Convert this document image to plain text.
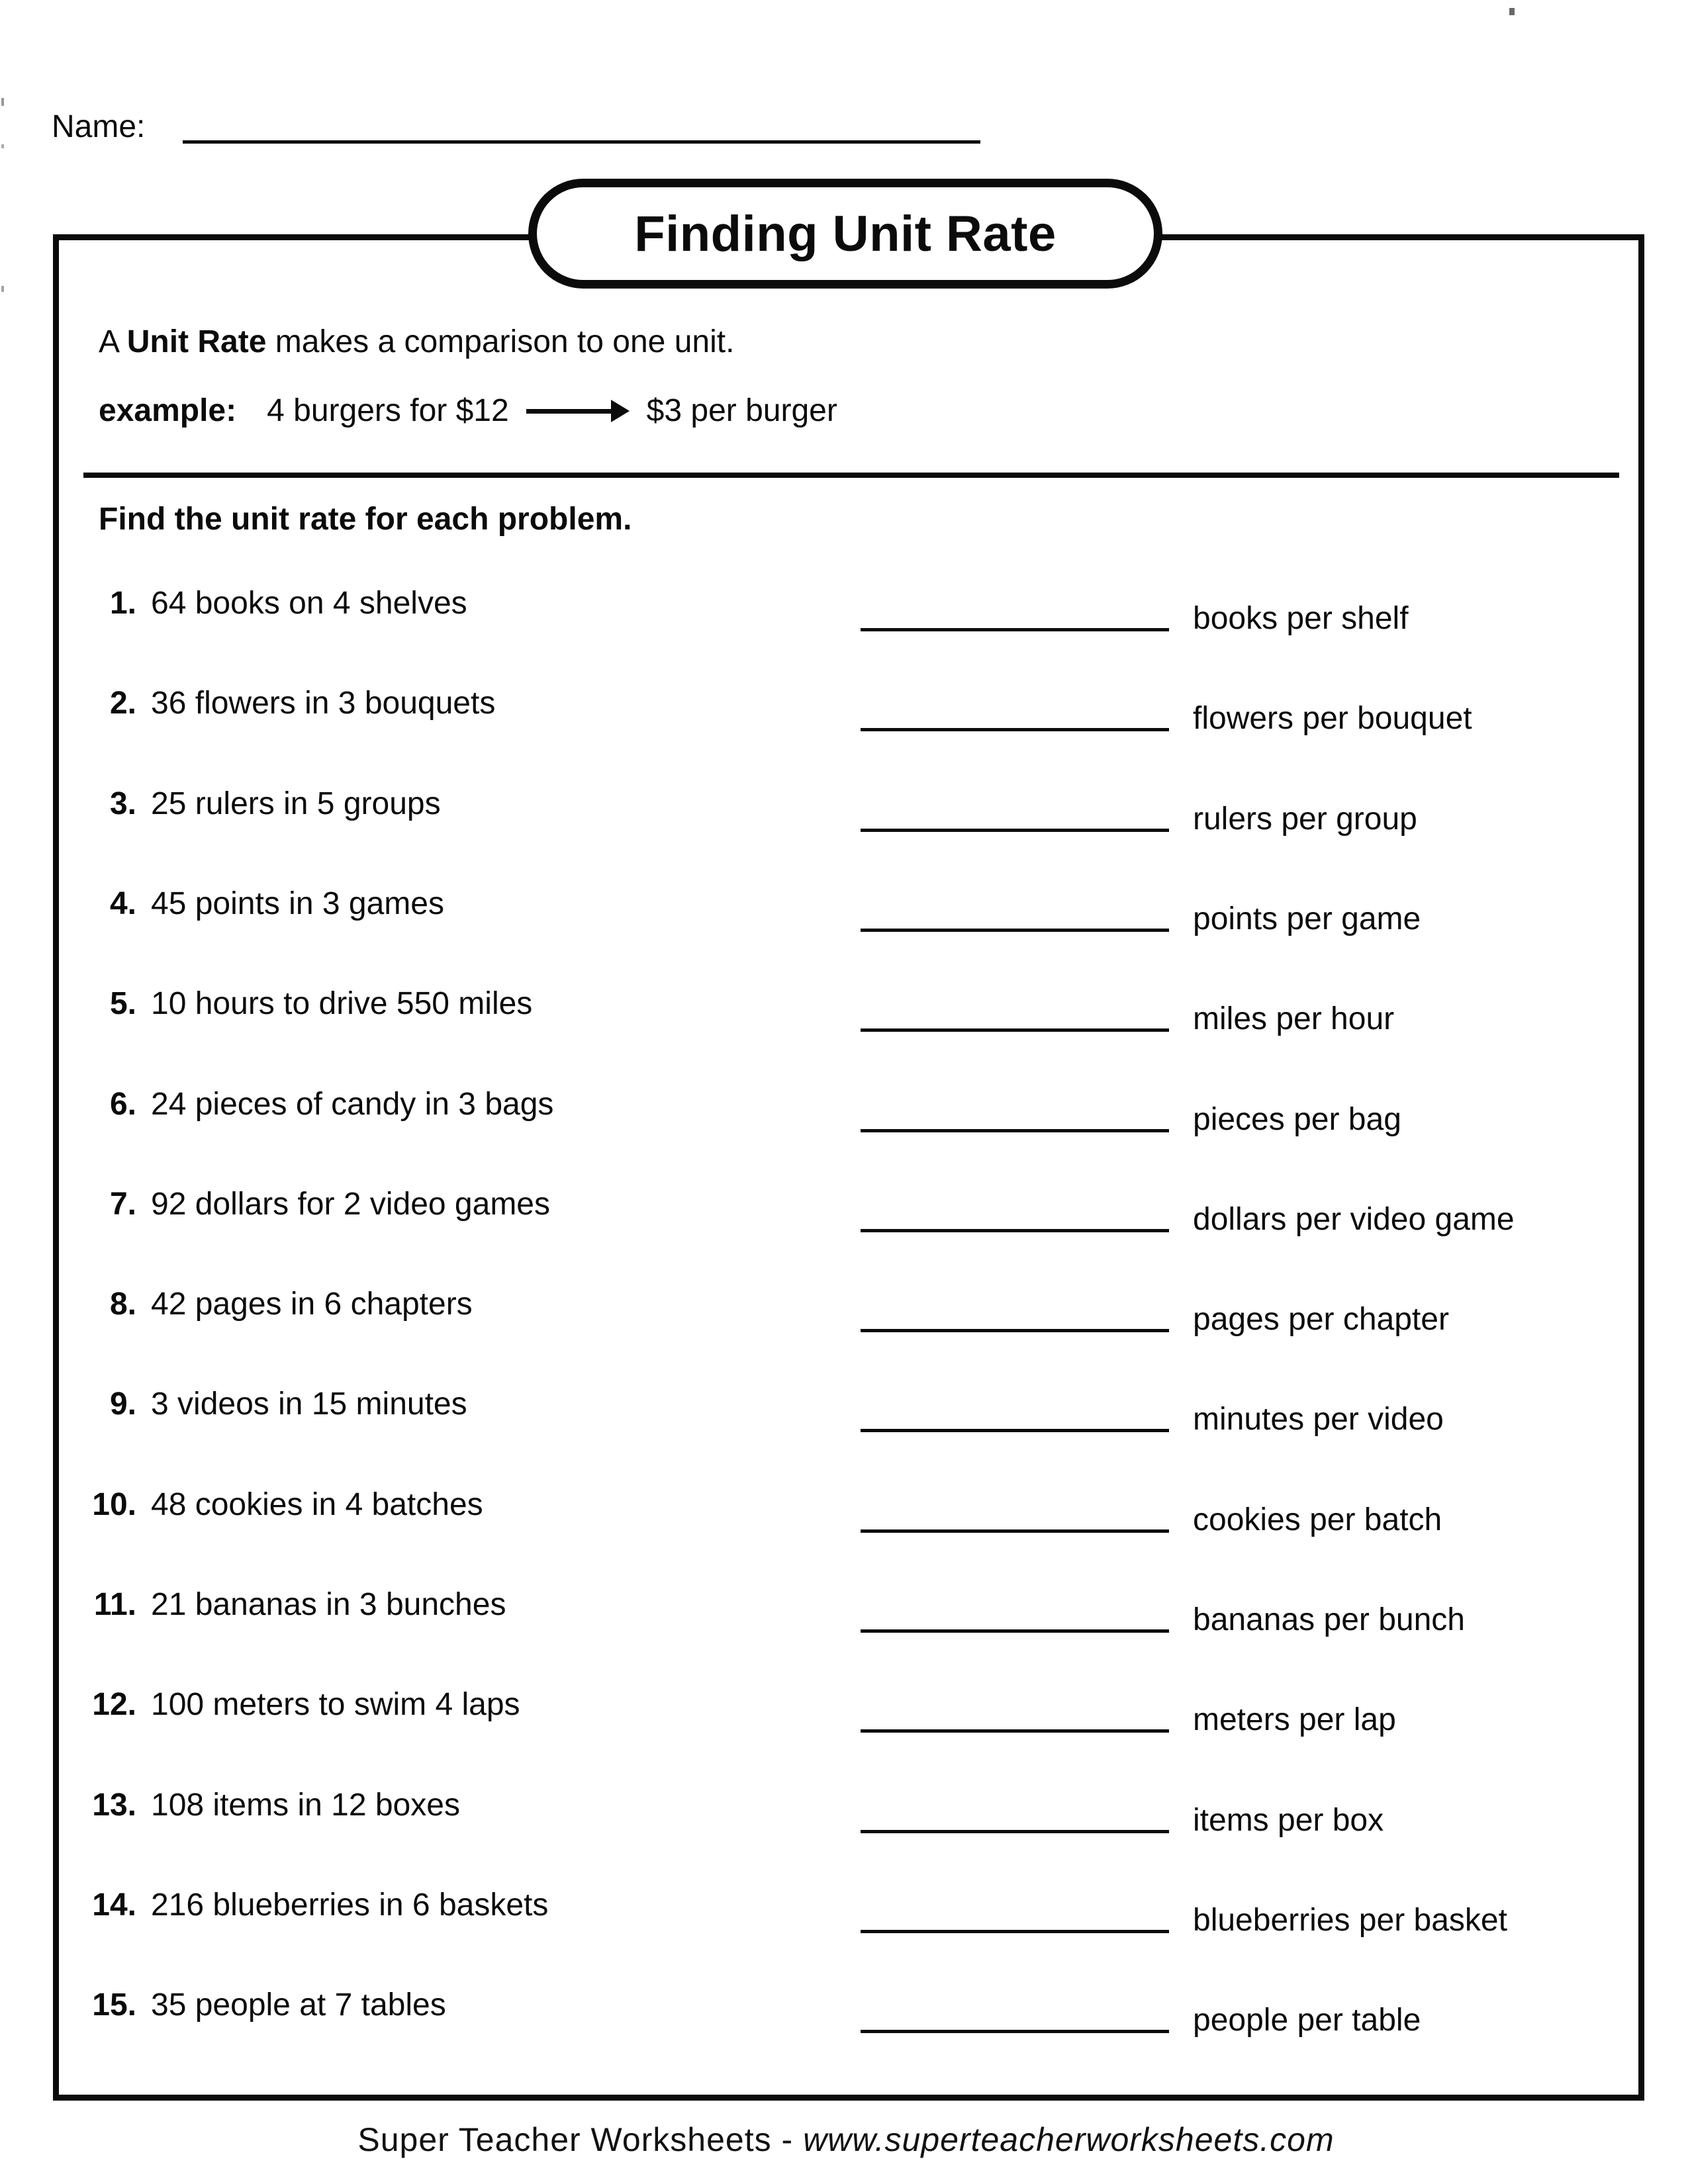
Name:
Finding Unit Rate
A Unit Rate makes a comparison to one unit.
example: 4 burgers for $12	$3 per burger
Find the unit rate for each problem.
1. 64 books on 4 shelves	books per shelf
2. 36 flowers in 3 bouquets	flowers per bouquet
3. 25 rulers in 5 groups	rulers per group
4. 45 points in 3 games	points per game
5. 10 hours to drive 550 miles	miles per hour
6. 24 pieces of candy in 3 bags	pieces per bag
7. 92 dollars for 2 video games	dollars per video game
8. 42 pages in 6 chapters	pages per chapter
9. 3 videos in 15 minutes	minutes per video
10. 48 cookies in 4 batches	cookies per batch
11. 21 bananas in 3 bunches	bananas per bunch
12. 100 meters to swim 4 laps	meters per lap
13. 108 items in 12 boxes	items per box
14. 216 blueberries in 6 baskets	blueberries per basket
15. 35 people at 7 tables	people per table
Super Teacher Worksheets - www.superteacherworksheets.com
